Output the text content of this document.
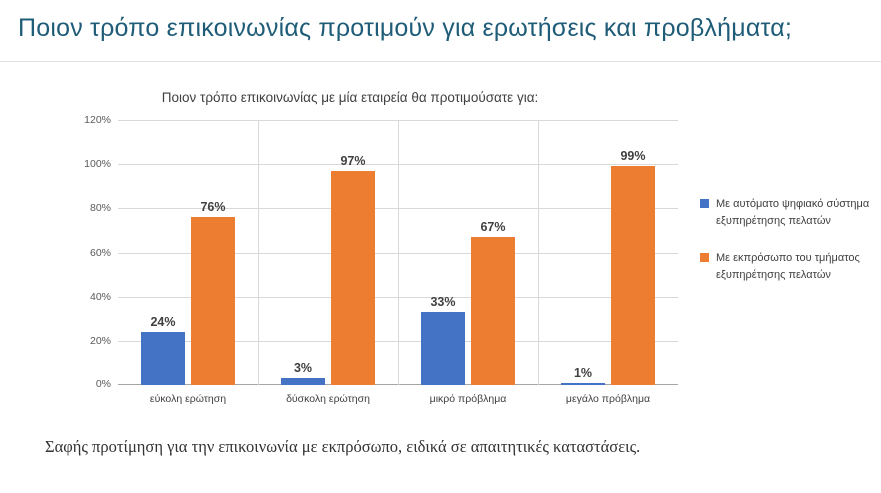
Ποιον τρόπο επικοινωνίας προτιμούν για ερωτήσεις και προβλήματα;
Ποιον τρόπο επικοινωνίας με μία εταιρεία θα προτιμούσατε για:
120%
100%
80%
60%
40%
20%
0%
24%
76%
εύκολη ερώτηση
3%
97%
δύσκολη ερώτηση
33%
67%
μικρό πρόβλημα
1%
99%
μεγάλο πρόβλημα
Με αυτόματο ψηφιακό σύστημα εξυπηρέτησης πελατών
Με εκπρόσωπο του τμήματος εξυπηρέτησης πελατών
Σαφής προτίμηση για την επικοινωνία με εκπρόσωπο, ειδικά σε απαιτητικές καταστάσεις.
